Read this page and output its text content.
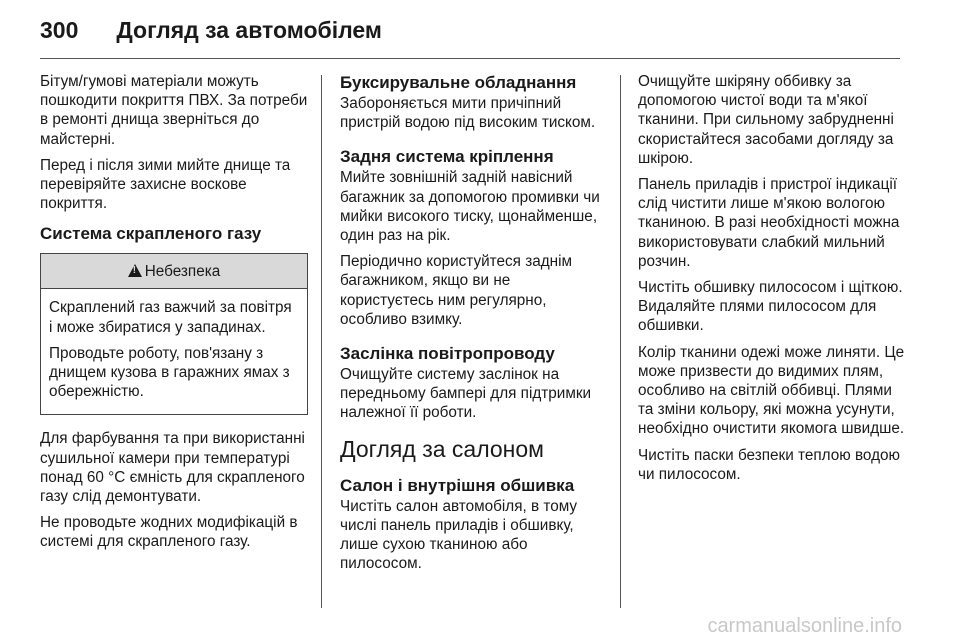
300 Догляд за автомобілем

Бітум/гумові матеріали можуть пошкодити покриття ПВХ. За потреби в ремонті днища зверніться до майстерні.

Перед і після зими мийте днище та перевіряйте захисне воскове покриття.

Система скрапленого газу
!
Небезпека

Скраплений газ важчий за повітря і може збиратися у западинах.

Проводьте роботу, пов'язану з днищем кузова в гаражних ямах з обережністю.

Для фарбування та при використанні сушильної камери при температурі понад 60 °C ємність для скрапленого газу слід демонтувати.

Не проводьте жодних модифікацій в системі для скрапленого газу.

Буксирувальне обладнання

Забороняється мити причіпний пристрій водою під високим тиском.

Задня система кріплення

Мийте зовнішній задній навісний багажник за допомогою промивки чи мийки високого тиску, щонайменше, один раз на рік.

Періодично користуйтеся заднім багажником, якщо ви не користуєтесь ним регулярно, особливо взимку.

Заслінка повітропроводу

Очищуйте систему заслінок на передньому бампері для підтримки належної її роботи.

Догляд за салоном
Салон і внутрішня обшивка

Чистіть салон автомобіля, в тому числі панель приладів і обшивку, лише сухою тканиною або пилососом.

Очищуйте шкіряну оббивку за допомогою чистої води та м'якої тканини. При сильному забрудненні скористайтеся засобами догляду за шкірою.

Панель приладів і пристрої індикації слід чистити лише м'якою вологою тканиною. В разі необхідності можна використовувати слабкий мильний розчин.

Чистіть обшивку пилососом і щіткою. Видаляйте плями пилососом для обшивки.

Колір тканини одежі може линяти. Це може призвести до видимих плям, особливо на світлій оббивці. Плями та зміни кольору, які можна усунути, необхідно очистити якомога швидше.

Чистіть паски безпеки теплою водою чи пилососом.

carmanualsonline.info
